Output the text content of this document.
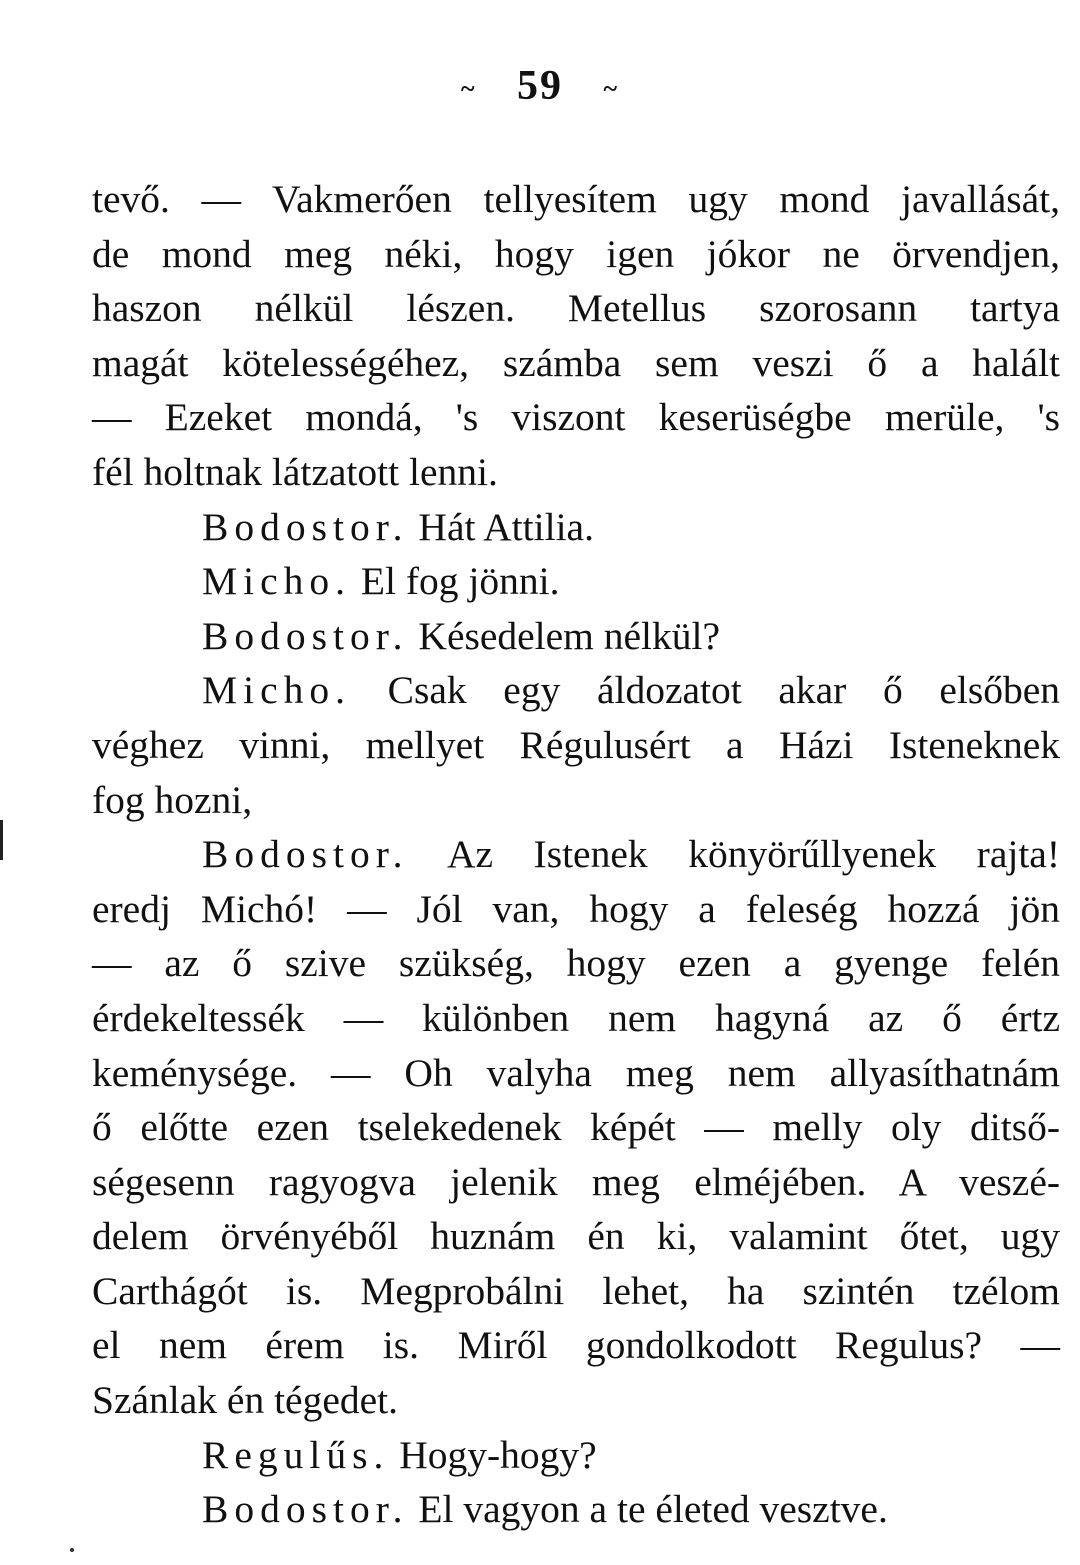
~ 59 ~
tevő. — Vakmerően tellyesítem ugy mond javallását,
de mond meg néki, hogy igen jókor ne örvendjen,
haszon nélkül lészen. Metellus szorosann tartya
magát kötelességéhez, számba sem veszi ő a halált
— Ezeket mondá, 's viszont keserüségbe merüle, 's
fél holtnak látzatott lenni.
Bodostor. Hát Attilia.
Micho. El fog jönni.
Bodostor. Késedelem nélkül?
Micho. Csak egy áldozatot akar ő elsőben
véghez vinni, mellyet Régulusért a Házi Isteneknek
fog hozni,
Bodostor. Az Istenek könyörűllyenek rajta!
eredj Michó! — Jól van, hogy a feleség hozzá jön
— az ő szive szükség, hogy ezen a gyenge felén
érdekeltessék — különben nem hagyná az ő értz
keménysége. — Oh valyha meg nem allyasíthatnám
ő előtte ezen tselekedenek képét — melly oly ditső-
ségesenn ragyogva jelenik meg elméjében. A veszé-
delem örvényéből huznám én ki, valamint őtet, ugy
Carthágót is. Megprobálni lehet, ha szintén tzélom
el nem érem is. Miről gondolkodott Regulus? —
Szánlak én tégedet.
Regulűs. Hogy-hogy?
Bodostor. El vagyon a te életed vesztve.
